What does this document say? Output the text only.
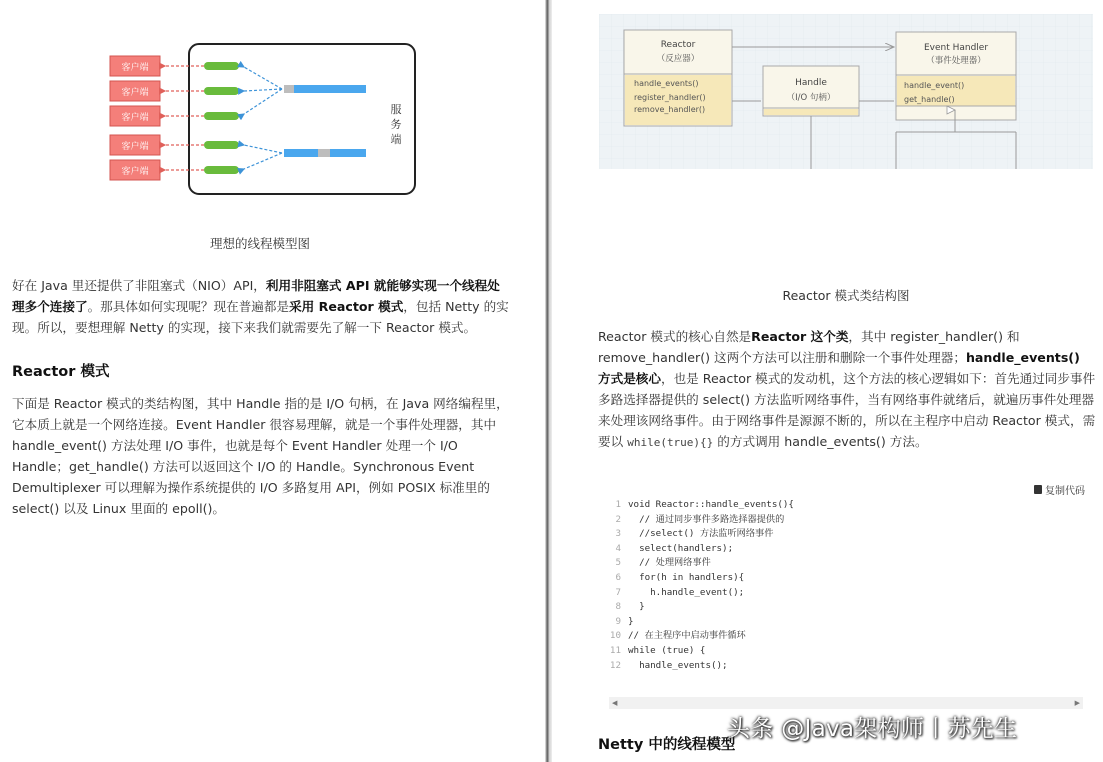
服
务
端
客户端
客户端
客户端
客户端
客户端
理想的线程模型图

好在 Java 里还提供了非阻塞式（NIO）API，利用非阻塞式 API 就能够实现一个线程处理多个连接了。那具体如何实现呢？现在普遍都是采用 Reactor 模式，包括 Netty 的实现。所以，要想理解 Netty 的实现，接下来我们就需要先了解一下 Reactor 模式。

Reactor 模式

下面是 Reactor 模式的类结构图，其中 Handle 指的是 I/O 句柄，在 Java 网络编程里，它本质上就是一个网络连接。Event Handler 很容易理解，就是一个事件处理器，其中 handle_event() 方法处理 I/O 事件，也就是每个 Event Handler 处理一个 I/O Handle；get_handle() 方法可以返回这个 I/O 的 Handle。Synchronous Event Demultiplexer 可以理解为操作系统提供的 I/O 多路复用 API，例如 POSIX 标准里的 select() 以及 Linux 里面的 epoll()。

Reactor
（反应器）
handle_events()
register_handler()
remove_handler()
Handle
（I/O 句柄）
Event Handler
（事件处理器）
handle_event()
get_handle()
Reactor 模式类结构图

Reactor 模式的核心自然是Reactor 这个类，其中 register_handler() 和 remove_handler() 这两个方法可以注册和删除一个事件处理器；handle_events() 方式是核心，也是 Reactor 模式的发动机，这个方法的核心逻辑如下：首先通过同步事件多路选择器提供的 select() 方法监听网络事件，当有网络事件就绪后，就遍历事件处理器来处理该网络事件。由于网络事件是源源不断的，所以在主程序中启动 Reactor 模式，需要以 while(true){} 的方式调用 handle_events() 方法。

复制代码
1 void Reactor::handle_events(){
2 // 通过同步事件多路选择器提供的
3 //select() 方法监听网络事件
4 select(handlers);
5 // 处理网络事件
6 for(h in handlers){
7 h.handle_event();
8 }
9 }
10 // 在主程序中启动事件循环
11 while (true) {
12 handle_events();
◀	▶
Netty 中的线程模型
头条 @Java架构师丨苏先生
